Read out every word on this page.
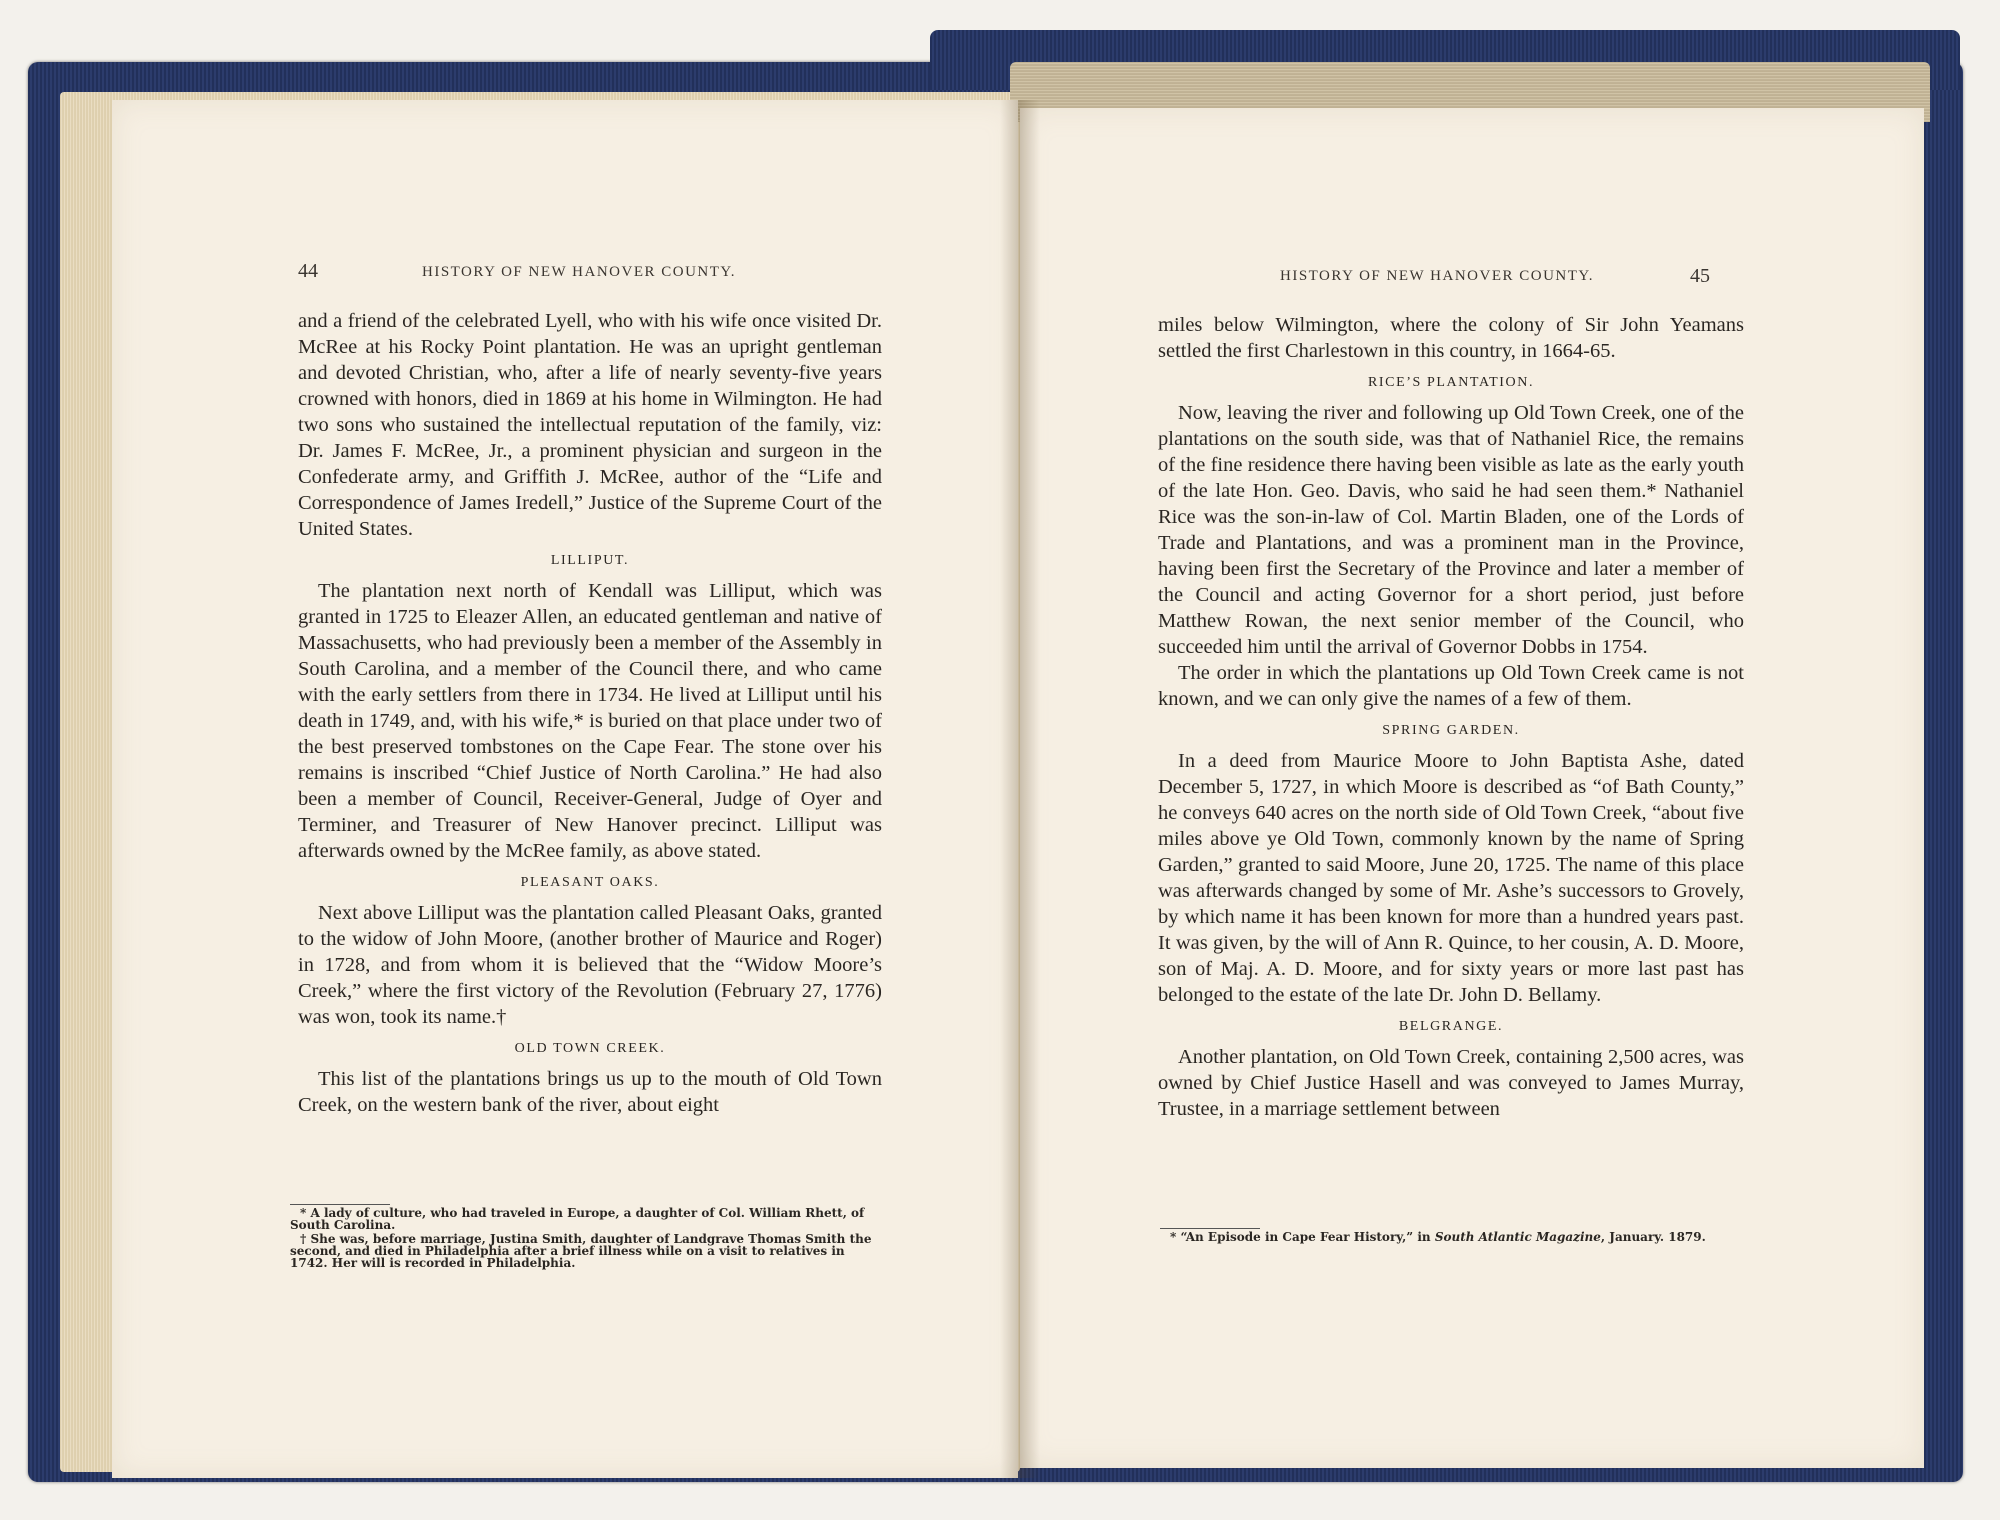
44	HISTORY OF NEW HANOVER COUNTY.

and a friend of the celebrated Lyell, who with his wife once visited Dr. McRee at his Rocky Point plantation. He was an upright gentleman and devoted Christian, who, after a life of nearly seventy-five years crowned with honors, died in 1869 at his home in Wilmington. He had two sons who sustained the intellectual reputation of the family, viz: Dr. James F. McRee, Jr., a prominent physician and surgeon in the Confederate army, and Griffith J. McRee, author of the “Life and Correspondence of James Iredell,” Justice of the Supreme Court of the United States.

LILLIPUT.

The plantation next north of Kendall was Lilliput, which was granted in 1725 to Eleazer Allen, an educated gentleman and native of Massachusetts, who had previously been a member of the Assembly in South Carolina, and a member of the Council there, and who came with the early settlers from there in 1734. He lived at Lilliput until his death in 1749, and, with his wife,* is buried on that place under two of the best preserved tombstones on the Cape Fear. The stone over his remains is inscribed “Chief Justice of North Carolina.” He had also been a member of Council, Receiver-General, Judge of Oyer and Terminer, and Treasurer of New Hanover precinct. Lilliput was afterwards owned by the McRee family, as above stated.

PLEASANT OAKS.

Next above Lilliput was the plantation called Pleasant Oaks, granted to the widow of John Moore, (another brother of Maurice and Roger) in 1728, and from whom it is believed that the “Widow Moore’s Creek,” where the first victory of the Revolution (February 27, 1776) was won, took its name.†

OLD TOWN CREEK.

This list of the plantations brings us up to the mouth of Old Town Creek, on the western bank of the river, about eight

* A lady of culture, who had traveled in Europe, a daughter of Col. William Rhett, of South Carolina.

† She was, before marriage, Justina Smith, daughter of Landgrave Thomas Smith the second, and died in Philadelphia after a brief illness while on a visit to relatives in 1742. Her will is recorded in Philadelphia.

HISTORY OF NEW HANOVER COUNTY.	45

miles below Wilmington, where the colony of Sir John Yeamans settled the first Charlestown in this country, in 1664-65.

RICE’S PLANTATION.

Now, leaving the river and following up Old Town Creek, one of the plantations on the south side, was that of Nathaniel Rice, the remains of the fine residence there having been visible as late as the early youth of the late Hon. Geo. Davis, who said he had seen them.* Nathaniel Rice was the son-in-law of Col. Martin Bladen, one of the Lords of Trade and Plantations, and was a prominent man in the Province, having been first the Secretary of the Province and later a member of the Council and acting Governor for a short period, just before Matthew Rowan, the next senior member of the Council, who succeeded him until the arrival of Governor Dobbs in 1754.

The order in which the plantations up Old Town Creek came is not known, and we can only give the names of a few of them.

SPRING GARDEN.

In a deed from Maurice Moore to John Baptista Ashe, dated December 5, 1727, in which Moore is described as “of Bath County,” he conveys 640 acres on the north side of Old Town Creek, “about five miles above ye Old Town, commonly known by the name of Spring Garden,” granted to said Moore, June 20, 1725. The name of this place was afterwards changed by some of Mr. Ashe’s successors to Grovely, by which name it has been known for more than a hundred years past. It was given, by the will of Ann R. Quince, to her cousin, A. D. Moore, son of Maj. A. D. Moore, and for sixty years or more last past has belonged to the estate of the late Dr. John D. Bellamy.

BELGRANGE.

Another plantation, on Old Town Creek, containing 2,500 acres, was owned by Chief Justice Hasell and was conveyed to James Murray, Trustee, in a marriage settlement between

* “An Episode in Cape Fear History,” in South Atlantic Magazine, January. 1879.
